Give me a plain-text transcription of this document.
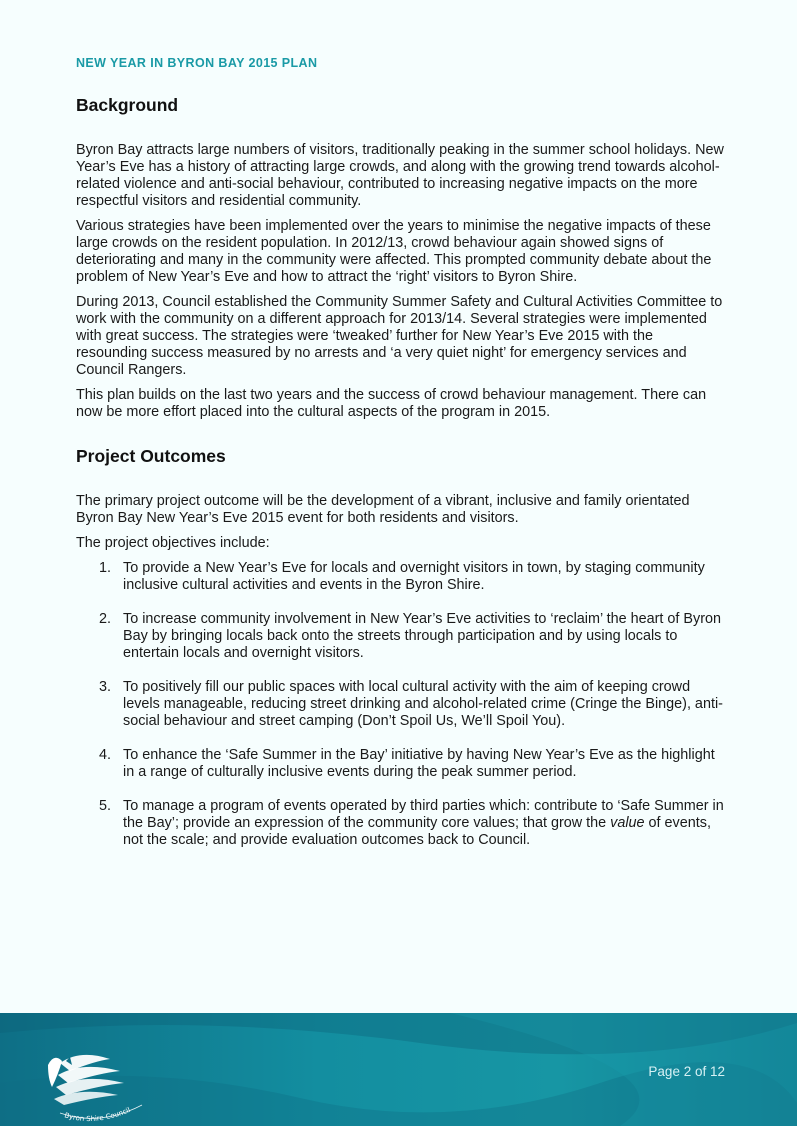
NEW YEAR IN BYRON BAY 2015 PLAN
Background

Byron Bay attracts large numbers of visitors, traditionally peaking in the summer school holidays. New Year’s Eve has a history of attracting large crowds, and along with the growing trend towards alcohol-related violence and anti-social behaviour, contributed to increasing negative impacts on the more respectful visitors and residential community.

Various strategies have been implemented over the years to minimise the negative impacts of these large crowds on the resident population. In 2012/13, crowd behaviour again showed signs of deteriorating and many in the community were affected. This prompted community debate about the problem of New Year’s Eve and how to attract the ‘right’ visitors to Byron Shire.

During 2013, Council established the Community Summer Safety and Cultural Activities Committee to work with the community on a different approach for 2013/14. Several strategies were implemented with great success. The strategies were ‘tweaked’ further for New Year’s Eve 2015 with the resounding success measured by no arrests and ‘a very quiet night’ for emergency services and Council Rangers.

This plan builds on the last two years and the success of crowd behaviour management. There can now be more effort placed into the cultural aspects of the program in 2015.

Project Outcomes

The primary project outcome will be the development of a vibrant, inclusive and family orientated Byron Bay New Year’s Eve 2015 event for both residents and visitors.

The project objectives include:

1. To provide a New Year’s Eve for locals and overnight visitors in town, by staging community inclusive cultural activities and events in the Byron Shire.
2. To increase community involvement in New Year’s Eve activities to ‘reclaim’ the heart of Byron Bay by bringing locals back onto the streets through participation and by using locals to entertain locals and overnight visitors.
3. To positively fill our public spaces with local cultural activity with the aim of keeping crowd levels manageable, reducing street drinking and alcohol-related crime (Cringe the Binge), anti-social behaviour and street camping (Don’t Spoil Us, We’ll Spoil You).
4. To enhance the ‘Safe Summer in the Bay’ initiative by having New Year’s Eve as the highlight in a range of culturally inclusive events during the peak summer period.
5. To manage a program of events operated by third parties which: contribute to ‘Safe Summer in the Bay’; provide an expression of the community core values; that grow the value of events, not the scale; and provide evaluation outcomes back to Council.
Byron Shire Council
Page 2 of 12
